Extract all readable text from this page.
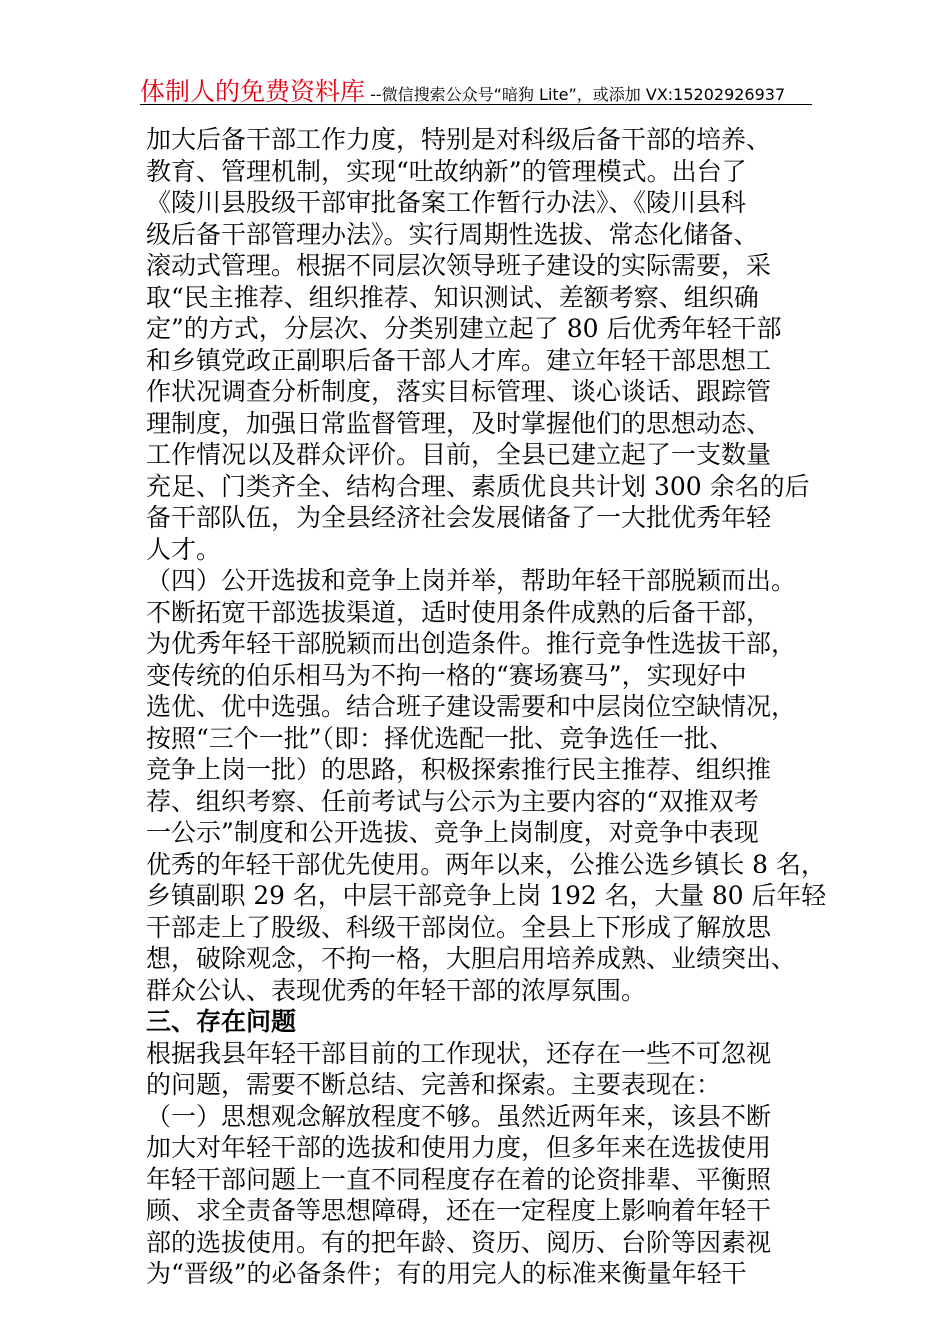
体制人的免费资料库 --微信搜索公众号“暗狗 Lite”，或添加 VX:15202926937
加大后备干部工作力度，特别是对科级后备干部的培养、
教育、管理机制，实现“吐故纳新”的管理模式。出台了
《陵川县股级干部审批备案工作暂行办法》、《陵川县科
级后备干部管理办法》。实行周期性选拔、常态化储备、
滚动式管理。根据不同层次领导班子建设的实际需要，采
取“民主推荐、组织推荐、知识测试、差额考察、组织确
定”的方式，分层次、分类别建立起了 80 后优秀年轻干部
和乡镇党政正副职后备干部人才库。建立年轻干部思想工
作状况调查分析制度，落实目标管理、谈心谈话、跟踪管
理制度，加强日常监督管理，及时掌握他们的思想动态、
工作情况以及群众评价。目前，全县已建立起了一支数量
充足、门类齐全、结构合理、素质优良共计划 300 余名的后
备干部队伍，为全县经济社会发展储备了一大批优秀年轻
人才。
（四）公开选拔和竞争上岗并举，帮助年轻干部脱颖而出。
不断拓宽干部选拔渠道，适时使用条件成熟的后备干部，
为优秀年轻干部脱颖而出创造条件。推行竞争性选拔干部，
变传统的伯乐相马为不拘一格的“赛场赛马”，实现好中
选优、优中选强。结合班子建设需要和中层岗位空缺情况，
按照“三个一批”（即：择优选配一批、竞争选任一批、
竞争上岗一批）的思路，积极探索推行民主推荐、组织推
荐、组织考察、任前考试与公示为主要内容的“双推双考
一公示”制度和公开选拔、竞争上岗制度，对竞争中表现
优秀的年轻干部优先使用。两年以来，公推公选乡镇长 8 名，
乡镇副职 29 名，中层干部竞争上岗 192 名，大量 80 后年轻
干部走上了股级、科级干部岗位。全县上下形成了解放思
想，破除观念，不拘一格，大胆启用培养成熟、业绩突出、
群众公认、表现优秀的年轻干部的浓厚氛围。
三、存在问题
根据我县年轻干部目前的工作现状，还存在一些不可忽视
的问题，需要不断总结、完善和探索。主要表现在：
（一）思想观念解放程度不够。虽然近两年来，该县不断
加大对年轻干部的选拔和使用力度，但多年来在选拔使用
年轻干部问题上一直不同程度存在着的论资排辈、平衡照
顾、求全责备等思想障碍，还在一定程度上影响着年轻干
部的选拔使用。有的把年龄、资历、阅历、台阶等因素视
为“晋级”的必备条件；有的用完人的标准来衡量年轻干
